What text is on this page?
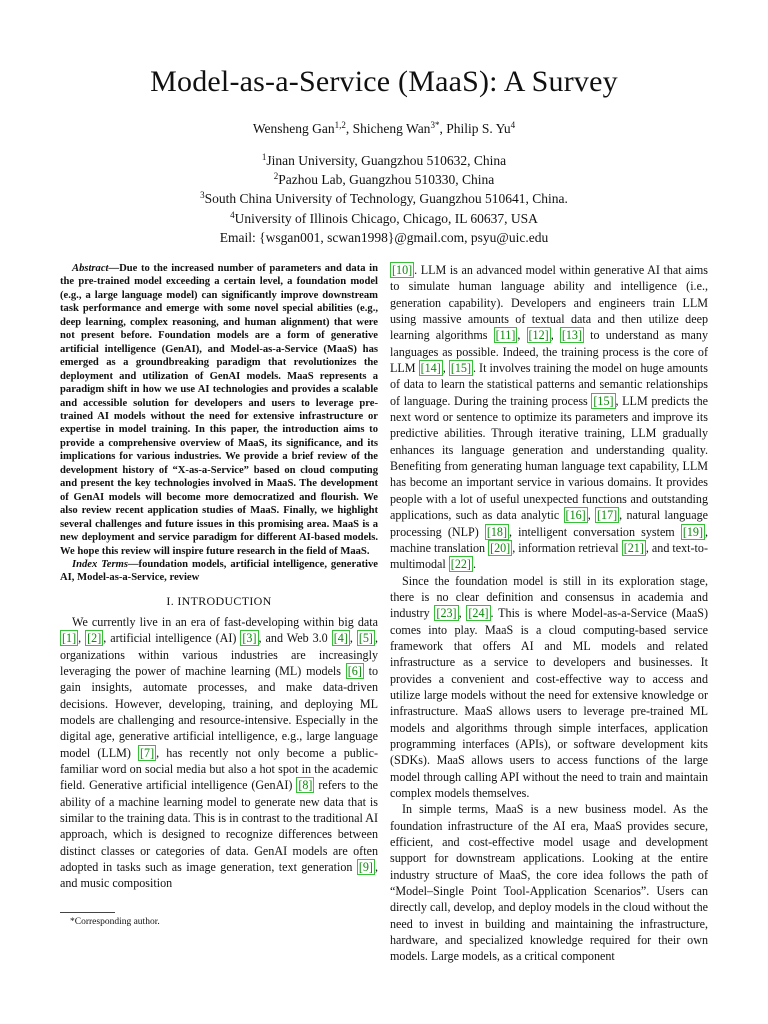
Model-as-a-Service (MaaS): A Survey
Wensheng Gan$^{1,2}$, Shicheng Wan$^{3*}$, Philip S. Yu$^4$
$^1$Jinan University, Guangzhou 510632, China
$^2$Pazhou Lab, Guangzhou 510330, China
$^3$South China University of Technology, Guangzhou 510641, China.
$^4$University of Illinois Chicago, Chicago, IL 60637, USA
Email: {wsgan001, scwan1998}@gmail.com, psyu@uic.edu
Abstract—Due to the increased number of parameters and data in the pre-trained model exceeding a certain level, a foundation model (e.g., a large language model) can significantly improve downstream task performance and emerge with some novel special abilities (e.g., deep learning, complex reasoning, and human alignment) that were not present before. Foundation models are a form of generative artificial intelligence (GenAI), and Model-as-a-Service (MaaS) has emerged as a groundbreaking paradigm that revolutionizes the deployment and utilization of GenAI models. MaaS represents a paradigm shift in how we use AI technologies and provides a scalable and accessible solution for developers and users to leverage pre-trained AI models without the need for extensive infrastructure or expertise in model training. In this paper, the introduction aims to provide a comprehensive overview of MaaS, its significance, and its implications for various industries. We provide a brief review of the development history of “X-as-a-Service” based on cloud computing and present the key technologies involved in MaaS. The development of GenAI models will become more democratized and flourish. We also review recent application studies of MaaS. Finally, we highlight several challenges and future issues in this promising area. MaaS is a new deployment and service paradigm for different AI-based models. We hope this review will inspire future research in the field of MaaS.
Index Terms—foundation models, artificial intelligence, generative AI, Model-as-a-Service, review
I. INTRODUCTION

We currently live in an era of fast-developing within big data [1] , [2] , artificial intelligence (AI) [3] , and Web 3.0 [4] , [5] , organizations within various industries are increasingly leveraging the power of machine learning (ML) models [6] to gain insights, automate processes, and make data-driven decisions. However, developing, training, and deploying ML models are challenging and resource-intensive. Especially in the digital age, generative artificial intelligence, e.g., large language model (LLM) [7] , has recently not only become a public-familiar word on social media but also a hot spot in the academic field. Generative artificial intelligence (GenAI) [8] refers to the ability of a machine learning model to generate new data that is similar to the training data. This is in contrast to the traditional AI approach, which is designed to recognize differences between distinct classes or categories of data. GenAI models are often adopted in tasks such as image generation, text generation [9] , and music composition

[10] . LLM is an advanced model within generative AI that aims to simulate human language ability and intelligence (i.e., generation capability). Developers and engineers train LLM using massive amounts of textual data and then utilize deep learning algorithms [11] , [12] , [13] to understand as many languages as possible. Indeed, the training process is the core of LLM [14] , [15] . It involves training the model on huge amounts of data to learn the statistical patterns and semantic relationships of language. During the training process [15] , LLM predicts the next word or sentence to optimize its parameters and improve its predictive abilities. Through iterative training, LLM gradually enhances its language generation and understanding quality. Benefiting from generating human language text capability, LLM has become an important service in various domains. It provides people with a lot of useful unexpected functions and outstanding applications, such as data analytic [16] , [17] , natural language processing (NLP) [18] , intelligent conversation system [19] , machine translation [20] , information retrieval [21] , and text-to-multimodal [22] .

Since the foundation model is still in its exploration stage, there is no clear definition and consensus in academia and industry [23] , [24] . This is where Model-as-a-Service (MaaS) comes into play. MaaS is a cloud computing-based service framework that offers AI and ML models and related infrastructure as a service to developers and businesses. It provides a convenient and cost-effective way to access and utilize large models without the need for extensive knowledge or infrastructure. MaaS allows users to leverage pre-trained ML models and algorithms through simple interfaces, application programming interfaces (APIs), or software development kits (SDKs). MaaS allows users to access functions of the large model through calling API without the need to train and maintain complex models themselves.

In simple terms, MaaS is a new business model. As the foundation infrastructure of the AI era, MaaS provides secure, efficient, and cost-effective model usage and development support for downstream applications. Looking at the entire industry structure of MaaS, the core idea follows the path of “Model–Single Point Tool-Application Scenarios”. Users can directly call, develop, and deploy models in the cloud without the need to invest in building and maintaining the infrastructure, hardware, and specialized knowledge required for their own models. Large models, as a critical component

*Corresponding author.
